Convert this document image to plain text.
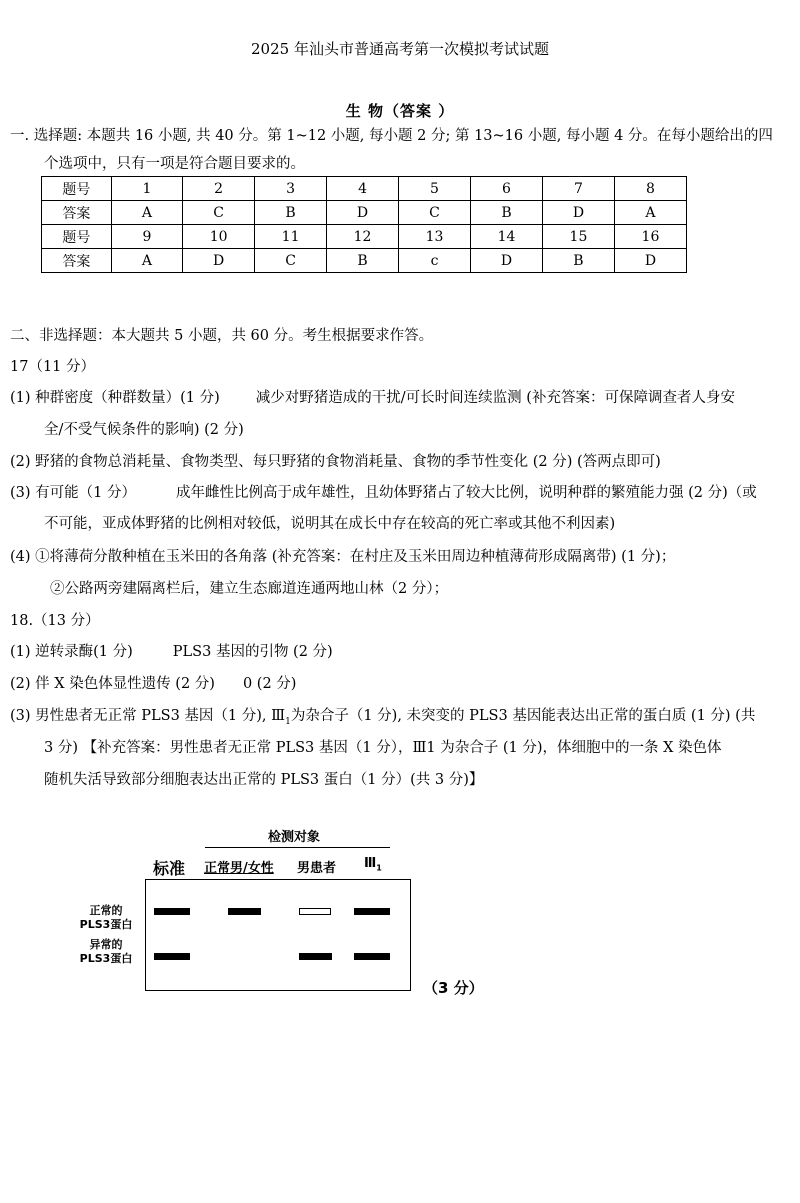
2025 年汕头市普通高考第一次模拟考试试题
生 物（答案 ）
一. 选择题: 本题共 16 小题, 共 40 分。第 1~12 小题, 每小题 2 分; 第 13~16 小题, 每小题 4 分。在每小题给出的四
个选项中，只有一项是符合题目要求的。
题号	1	2	3	4	5	6	7	8
答案	A	C	B	D	C	B	D	A
题号	9	10	11	12	13	14	15	16
答案	A	D	C	B	c	D	B	D
二、非选择题：本大题共 5 小题，共 60 分。考生根据要求作答。
17（11 分）
(1) 种群密度（种群数量）(1 分) 减少对野猪造成的干扰/可长时间连续监测 (补充答案：可保障调查者人身安
全/不受气候条件的影响) (2 分)
(2) 野猪的食物总消耗量、食物类型、每只野猪的食物消耗量、食物的季节性变化 (2 分) (答两点即可)
(3) 有可能（1 分）	成年雌性比例高于成年雄性，且幼体野猪占了较大比例，说明种群的繁殖能力强 (2 分)（或
不可能，亚成体野猪的比例相对较低，说明其在成长中存在较高的死亡率或其他不利因素)
(4) ①将薄荷分散种植在玉米田的各角落 (补充答案：在村庄及玉米田周边种植薄荷形成隔离带) (1 分)；
②公路两旁建隔离栏后，建立生态廊道连通两地山林（2 分）；
18.（13 分）
(1) 逆转录酶(1 分)	PLS3 基因的引物 (2 分)
(2) 伴 X 染色体显性遗传 (2 分) 0 (2 分)
(3) 男性患者无正常 PLS3 基因（1 分), $Ⅲ_1$为杂合子（1 分), 未突变的 PLS3 基因能表达出正常的蛋白质 (1 分) (共
3 分) 【补充答案：男性患者无正常 PLS3 基因（1 分），Ⅲ1 为杂合子 (1 分)，体细胞中的一条 X 染色体
随机失活导致部分细胞表达出正常的 PLS3 蛋白（1 分）(共 3 分)】
检测对象
标准 正常男/女性 男患者 $Ⅲ_1$
正常的PLS3蛋白
异常的PLS3蛋白
（3 分）
